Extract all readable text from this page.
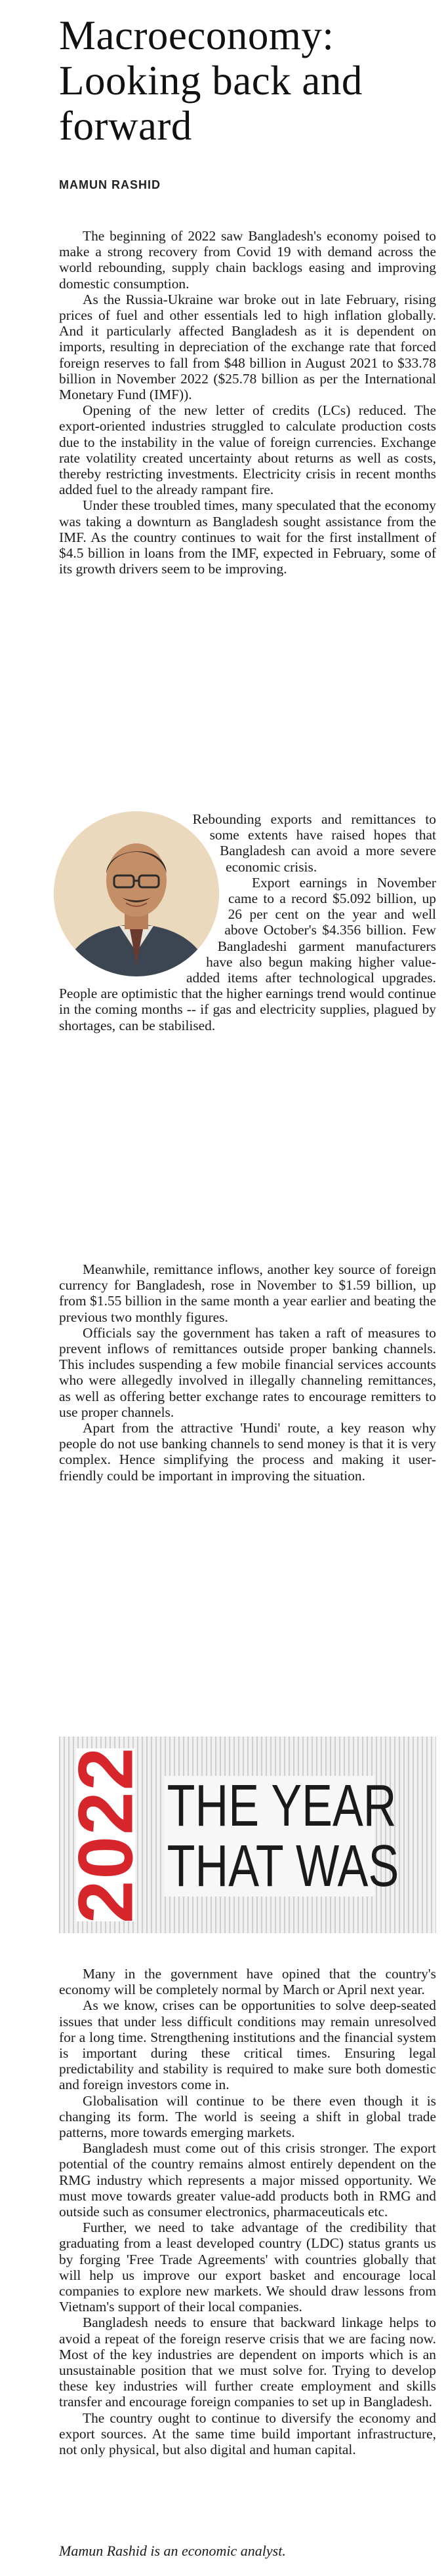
Macroeconomy: Looking back and forward
MAMUN RASHID

The beginning of 2022 saw Bangladesh's economy poised to make a strong recovery from Covid 19 with demand across the world rebounding, supply chain backlogs easing and improving domestic consumption.

As the Russia-Ukraine war broke out in late February, rising prices of fuel and other essentials led to high inflation globally. And it particularly affected Bangladesh as it is dependent on imports, resulting in depreciation of the exchange rate that forced foreign reserves to fall from $48 billion in August 2021 to $33.78 billion in November 2022 ($25.78 billion as per the International Monetary Fund (IMF)).

Opening of the new letter of credits (LCs) reduced. The export-oriented industries struggled to calculate production costs due to the instability in the value of foreign currencies. Exchange rate volatility created uncertainty about returns as well as costs, thereby restricting investments. Electricity crisis in recent months added fuel to the already rampant fire.

Under these troubled times, many speculated that the economy was taking a downturn as Bangladesh sought assistance from the IMF. As the country continues to wait for the first installment of $4.5 billion in loans from the IMF, expected in February, some of its growth drivers seem to be improving.

Rebounding exports and remittances to some extents have raised hopes that Bangladesh can avoid a more severe economic crisis.

Export earnings in November came to a record $5.092 billion, up 26 per cent on the year and well above October's $4.356 billion. Few Bangladeshi garment manufacturers have also begun making higher value-added items after technological upgrades. People are optimistic that the higher earnings trend would continue in the coming months -- if gas and electricity supplies, plagued by shortages, can be stabilised.

Meanwhile, remittance inflows, another key source of foreign currency for Bangladesh, rose in November to $1.59 billion, up from $1.55 billion in the same month a year earlier and beating the previous two monthly figures.

Officials say the government has taken a raft of measures to prevent inflows of remittances outside proper banking channels. This includes suspending a few mobile financial services accounts who were allegedly involved in illegally channeling remittances, as well as offering better exchange rates to encourage remitters to use proper channels.

Apart from the attractive 'Hundi' route, a key reason why people do not use banking channels to send money is that it is very complex. Hence simplifying the process and making it user-friendly could be important in improving the situation.

2022 THE YEAR
THAT WAS

Many in the government have opined that the country's economy will be completely normal by March or April next year.

As we know, crises can be opportunities to solve deep-seated issues that under less difficult conditions may remain unresolved for a long time. Strengthening institutions and the financial system is important during these critical times. Ensuring legal predictability and stability is required to make sure both domestic and foreign investors come in.

Globalisation will continue to be there even though it is changing its form. The world is seeing a shift in global trade patterns, more towards emerging markets.

Bangladesh must come out of this crisis stronger. The export potential of the country remains almost entirely dependent on the RMG industry which represents a major missed opportunity. We must move towards greater value-add products both in RMG and outside such as consumer electronics, pharmaceuticals etc.

Further, we need to take advantage of the credibility that graduating from a least developed country (LDC) status grants us by forging 'Free Trade Agreements' with countries globally that will help us improve our export basket and encourage local companies to explore new markets. We should draw lessons from Vietnam's support of their local companies.

Bangladesh needs to ensure that backward linkage helps to avoid a repeat of the foreign reserve crisis that we are facing now. Most of the key industries are dependent on imports which is an unsustainable position that we must solve for. Trying to develop these key industries will further create employment and skills transfer and encourage foreign companies to set up in Bangladesh.

The country ought to continue to diversify the economy and export sources. At the same time build important infrastructure, not only physical, but also digital and human capital.

Mamun Rashid is an economic analyst.
